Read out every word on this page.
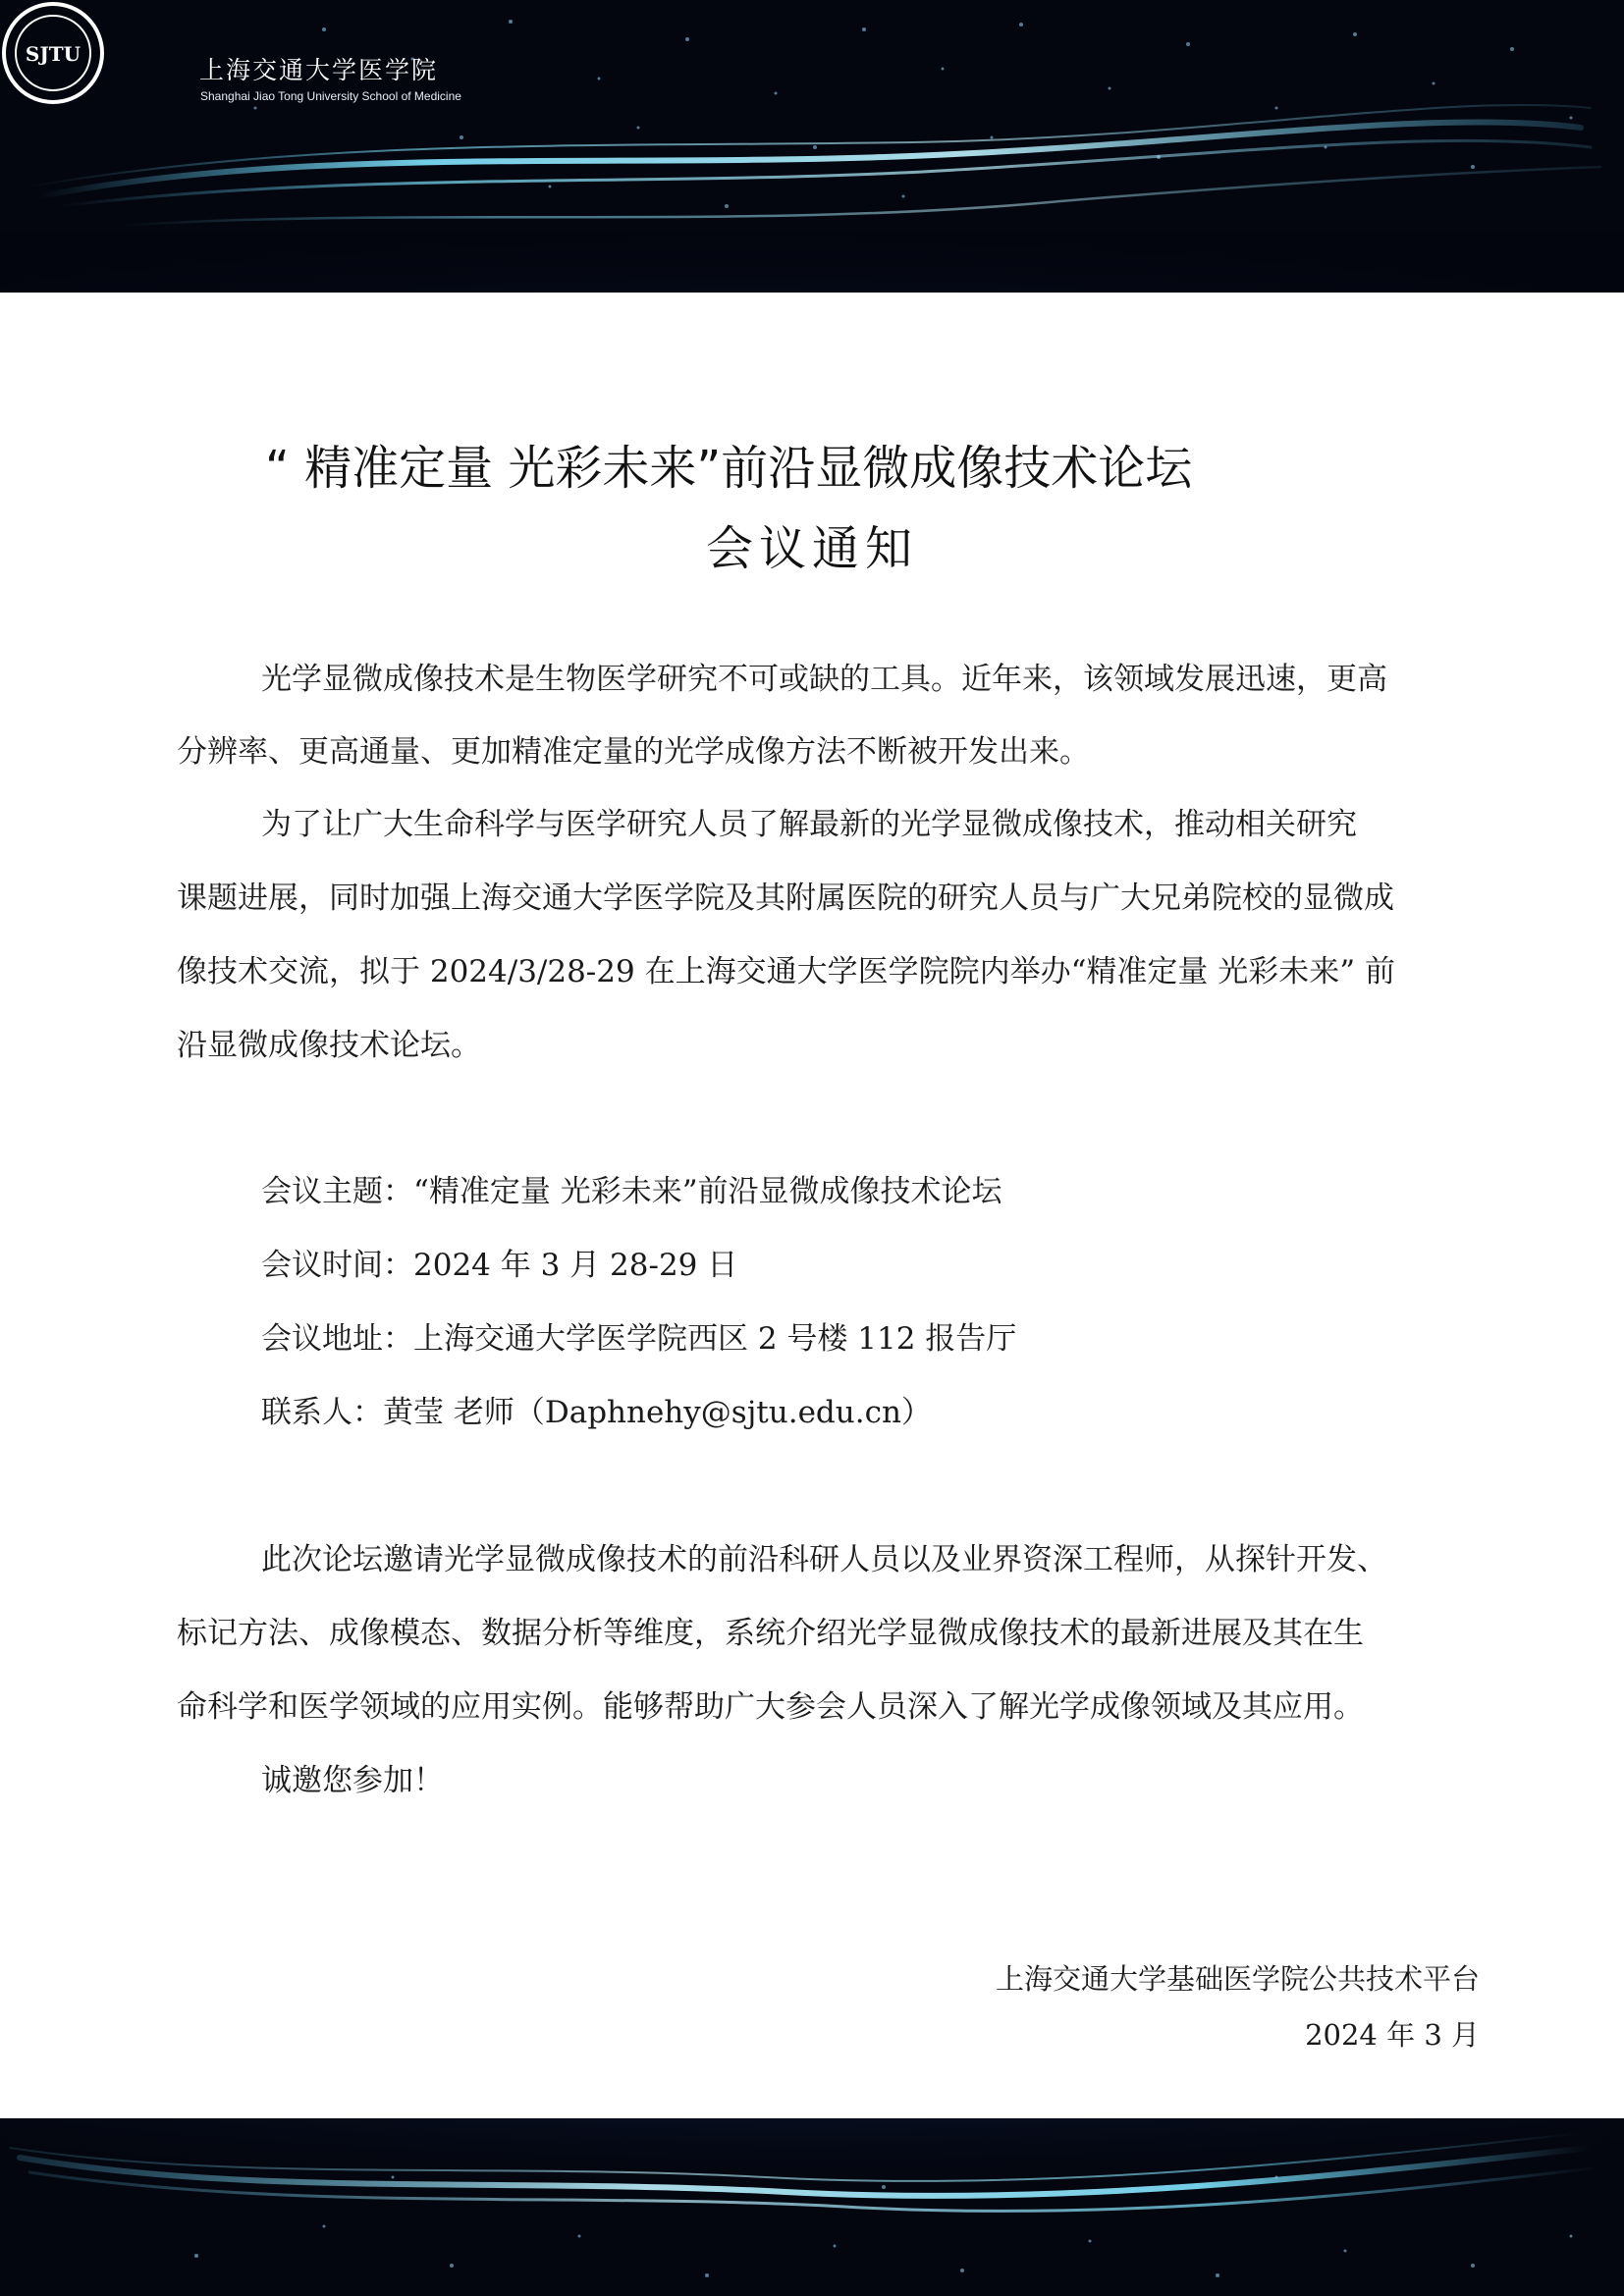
SJTU
上海交通大学医学院
Shanghai Jiao Tong University School of Medicine
“ 精准定量 光彩未来”前沿显微成像技术论坛
会议通知
光学显微成像技术是生物医学研究不可或缺的工具。近年来，该领域发展迅速，更高
分辨率、更高通量、更加精准定量的光学成像方法不断被开发出来。
为了让广大生命科学与医学研究人员了解最新的光学显微成像技术，推动相关研究
课题进展，同时加强上海交通大学医学院及其附属医院的研究人员与广大兄弟院校的显微成
像技术交流，拟于 2024/3/28-29 在上海交通大学医学院院内举办“精准定量 光彩未来” 前
沿显微成像技术论坛。
会议主题：“精准定量 光彩未来”前沿显微成像技术论坛
会议时间：2024 年 3 月 28-29 日
会议地址：上海交通大学医学院西区 2 号楼 112 报告厅
联系人：黄莹 老师（Daphnehy@sjtu.edu.cn）
此次论坛邀请光学显微成像技术的前沿科研人员以及业界资深工程师，从探针开发、
标记方法、成像模态、数据分析等维度，系统介绍光学显微成像技术的最新进展及其在生
命科学和医学领域的应用实例。能够帮助广大参会人员深入了解光学成像领域及其应用。
诚邀您参加！
上海交通大学基础医学院公共技术平台
2024 年 3 月
